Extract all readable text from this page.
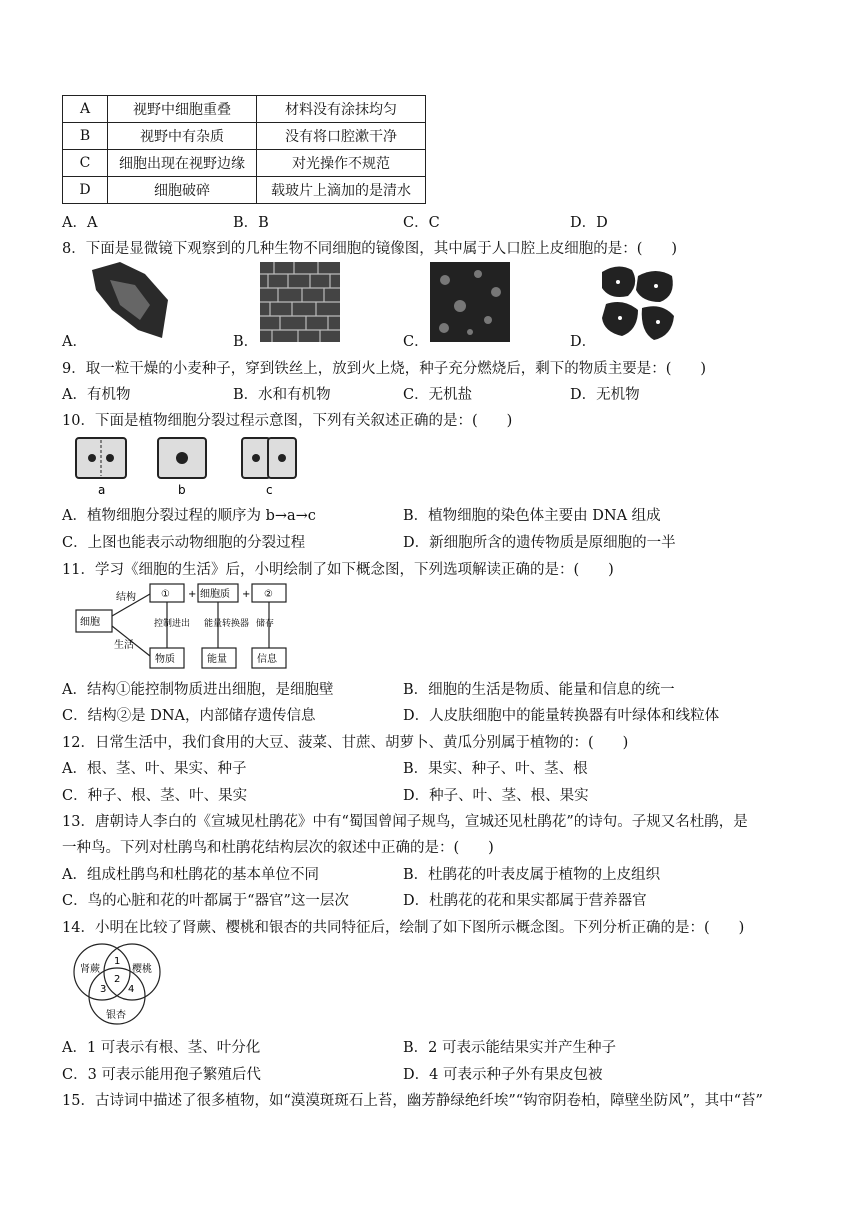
A	视野中细胞重叠	材料没有涂抹均匀
B	视野中有杂质	没有将口腔漱干净
C	细胞出现在视野边缘	对光操作不规范
D	细胞破碎	载玻片上滴加的是清水
A．A	B．B	C．C	D．D
8．下面是显微镜下观察到的几种生物不同细胞的镜像图，其中属于人口腔上皮细胞的是：(　　)
A．	B．	C．	D．
9．取一粒干燥的小麦种子，穿到铁丝上，放到火上烧，种子充分燃烧后，剩下的物质主要是：(　　)
A．有机物	B．水和有机物	C．无机盐	D．无机物
10．下面是植物细胞分裂过程示意图，下列有关叙述正确的是：(　　)
a	b	c
A．植物细胞分裂过程的顺序为 b→a→c	B．植物细胞的染色体主要由 DNA 组成
C．上图也能表示动物细胞的分裂过程	D．新细胞所含的遗传物质是原细胞的一半
11．学习《细胞的生活》后，小明绘制了如下概念图，下列选项解读正确的是：(　　)
细胞
结构
生活
① + 细胞质 + ②
控制进出 能量转换器 储存
物质	能量	信息
A．结构①能控制物质进出细胞，是细胞壁	B．细胞的生活是物质、能量和信息的统一
C．结构②是 DNA，内部储存遗传信息	D．人皮肤细胞中的能量转换器有叶绿体和线粒体
12．日常生活中，我们食用的大豆、菠菜、甘蔗、胡萝卜、黄瓜分别属于植物的：(　　)
A．根、茎、叶、果实、种子	B．果实、种子、叶、茎、根
C．种子、根、茎、叶、果实	D．种子、叶、茎、根、果实
13．唐朝诗人李白的《宣城见杜鹃花》中有“蜀国曾闻子规鸟，宣城还见杜鹃花”的诗句。子规又名杜鹃，是
一种鸟。下列对杜鹃鸟和杜鹃花结构层次的叙述中正确的是：(　　)
A．组成杜鹃鸟和杜鹃花的基本单位不同	B．杜鹃花的叶表皮属于植物的上皮组织
C．鸟的心脏和花的叶都属于“器官”这一层次	D．杜鹃花的花和果实都属于营养器官
14．小明在比较了肾蕨、樱桃和银杏的共同特征后，绘制了如下图所示概念图。下列分析正确的是：(　　)
肾蕨	樱桃
银杏
1
2
3 4
A．1 可表示有根、茎、叶分化	B．2 可表示能结果实并产生种子
C．3 可表示能用孢子繁殖后代	D．4 可表示种子外有果皮包被
15．古诗词中描述了很多植物，如“漠漠斑斑石上苔，幽芳静绿绝纤埃”“钩帘阴卷柏，障壁坐防风”，其中“苔”
